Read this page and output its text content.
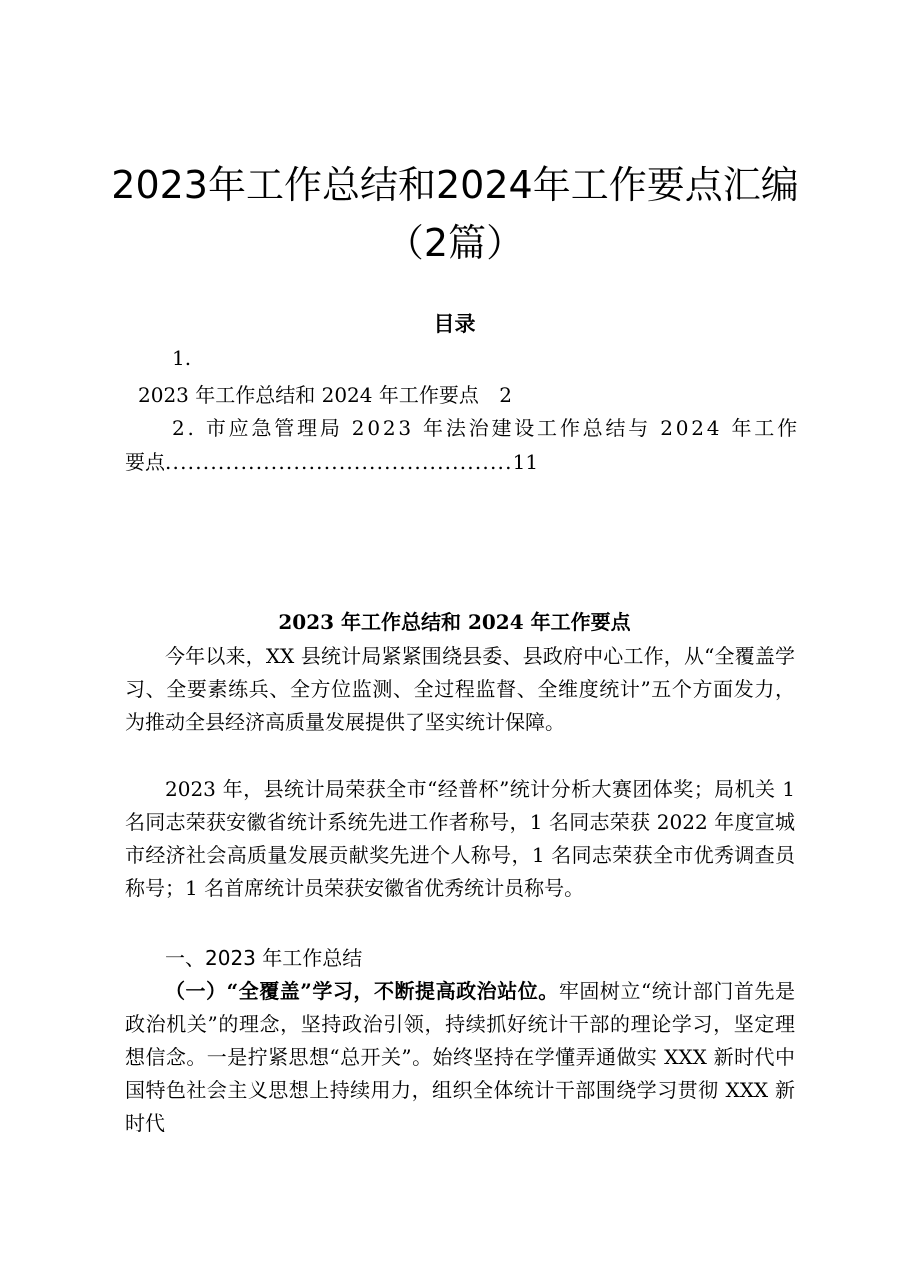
2023年工作总结和2024年工作要点汇编（2篇）
目录
1.
2023 年工作总结和 2024 年工作要点 2
2. 市应急管理局 2023 年法治建设工作总结与 2024 年工作
要点..............................................11
2023 年工作总结和 2024 年工作要点

今年以来，XX 县统计局紧紧围绕县委、县政府中心工作，从“全覆盖学习、全要素练兵、全方位监测、全过程监督、全维度统计”五个方面发力，为推动全县经济高质量发展提供了坚实统计保障。

2023 年，县统计局荣获全市“经普杯”统计分析大赛团体奖；局机关 1 名同志荣获安徽省统计系统先进工作者称号，1 名同志荣获 2022 年度宣城市经济社会高质量发展贡献奖先进个人称号，1 名同志荣获全市优秀调查员称号；1 名首席统计员荣获安徽省优秀统计员称号。

一、2023 年工作总结

（一）“全覆盖”学习，不断提高政治站位。牢固树立“统计部门首先是政治机关”的理念，坚持政治引领，持续抓好统计干部的理论学习，坚定理想信念。一是拧紧思想“总开关”。始终坚持在学懂弄通做实 XXX 新时代中国特色社会主义思想上持续用力，组织全体统计干部围绕学习贯彻 XXX 新时代
